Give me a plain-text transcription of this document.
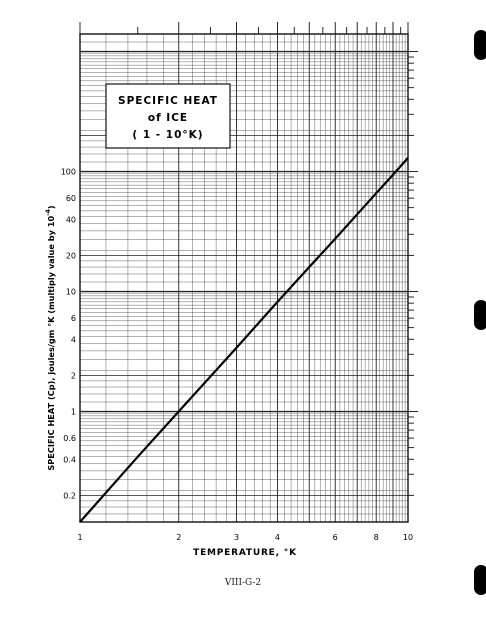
SPECIFIC HEAT
of ICE
( 1 - 10°K)
1	2	3	4	6	8	10
0.2
0.4
0.6
1
2
4
6
10
20
40
60
100
TEMPERATURE, °K
SPECIFIC HEAT (Cp), joules/gm °K (multiply value by $10^{-4}$)
VIII-G-2
